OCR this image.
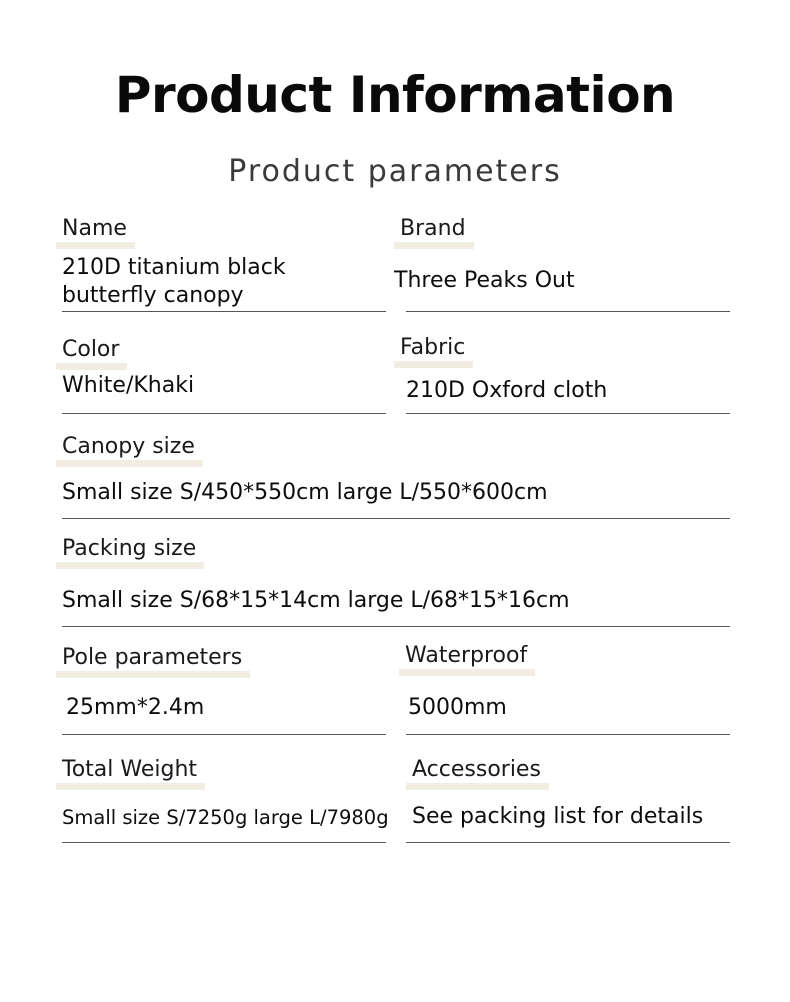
Product Information
Product parameters
Name
210D titanium black butterfly canopy
Brand
Three Peaks Out
Color
White/Khaki
Fabric
210D Oxford cloth
Canopy size
Small size S/450*550cm large L/550*600cm
Packing size
Small size S/68*15*14cm large L/68*15*16cm
Pole parameters
25mm*2.4m
Waterproof
5000mm
Total Weight
Small size S/7250g large L/7980g
Accessories
See packing list for details
